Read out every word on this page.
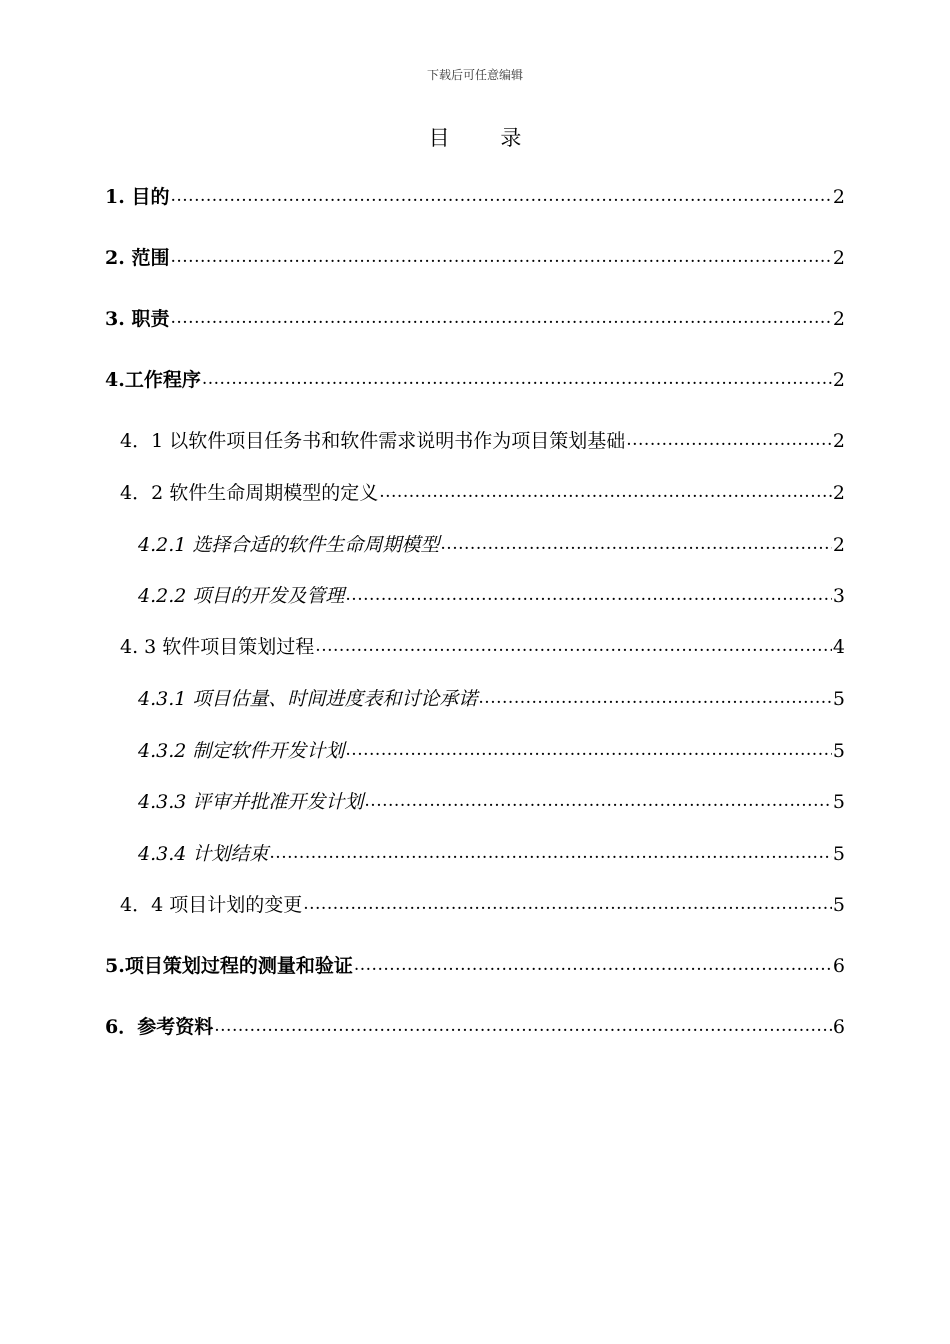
下载后可任意编辑
目 录
1. 目的 .....	2
2. 范围 .....	2
3. 职责 .....	2
4.工作程序 .....	2
4．1 以软件项目任务书和软件需求说明书作为项目策划基础 .....	2
4．2 软件生命周期模型的定义 .....	2
4.2.1 选择合适的软件生命周期模型 .....	2
4.2.2 项目的开发及管理 .....	3
4. 3 软件项目策划过程 .....	4
4.3.1 项目估量、时间进度表和讨论承诺 .....	5
4.3.2 制定软件开发计划 .....	5
4.3.3 评审并批准开发计划 .....	5
4.3.4 计划结束 .....	5
4．4 项目计划的变更 .....	5
5.项目策划过程的测量和验证 .....	6
6．参考资料 .....	6
